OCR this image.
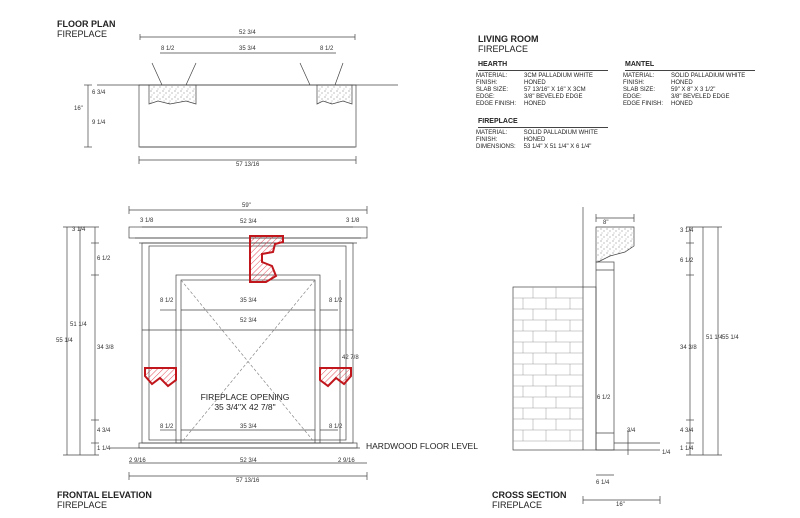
FLOOR PLAN
FIREPLACE	LIVING ROOM
FIREPLACE
FRONTAL ELEVATION
FIREPLACE
CROSS SECTION
FIREPLACE
HEARTH
MATERIAL:	3CM PALLADIUM WHITE
FINISH:	HONED
SLAB SIZE:	57 13/16" X 16" X 3CM
EDGE:	3/8" BEVELED EDGE
EDGE FINISH:	HONED
MANTEL
MATERIAL:	SOLID PALLADIUM WHITE
FINISH:	HONED
SLAB SIZE:	59" X 8" X 3 1/2"
EDGE:	3/8" BEVELED EDGE
EDGE FINISH:	HONED
FIREPLACE
MATERIAL:	SOLID PALLADIUM WHITE
FINISH:	HONED
DIMENSIONS:	53 1/4" X 51 1/4" X 6 1/4"
FIREPLACE OPENING
35 3/4"X 42 7/8"
HARDWOOD FLOOR LEVEL
52 3/4
35 3/4
8 1/2	8 1/2
16"
6 3/4
9 1/4
57 13/16
59"
3 1/8	3 1/8
52 3/4
8 1/2	8 1/2
35 3/4
52 3/4
8 1/2	8 1/2
35 3/4
2 9/16	2 9/16
52 3/4
57 13/16
3 1/4
6 1/2
34 3/8
4 3/4
1 1/4
55 1/4
51 1/4
42 7/8
8"
6 1/2
3/4
1/4
6 1/4
16"
3 1/4
6 1/2
34 3/8
4 3/4
1 1/4
51 1/4 55 1/4
